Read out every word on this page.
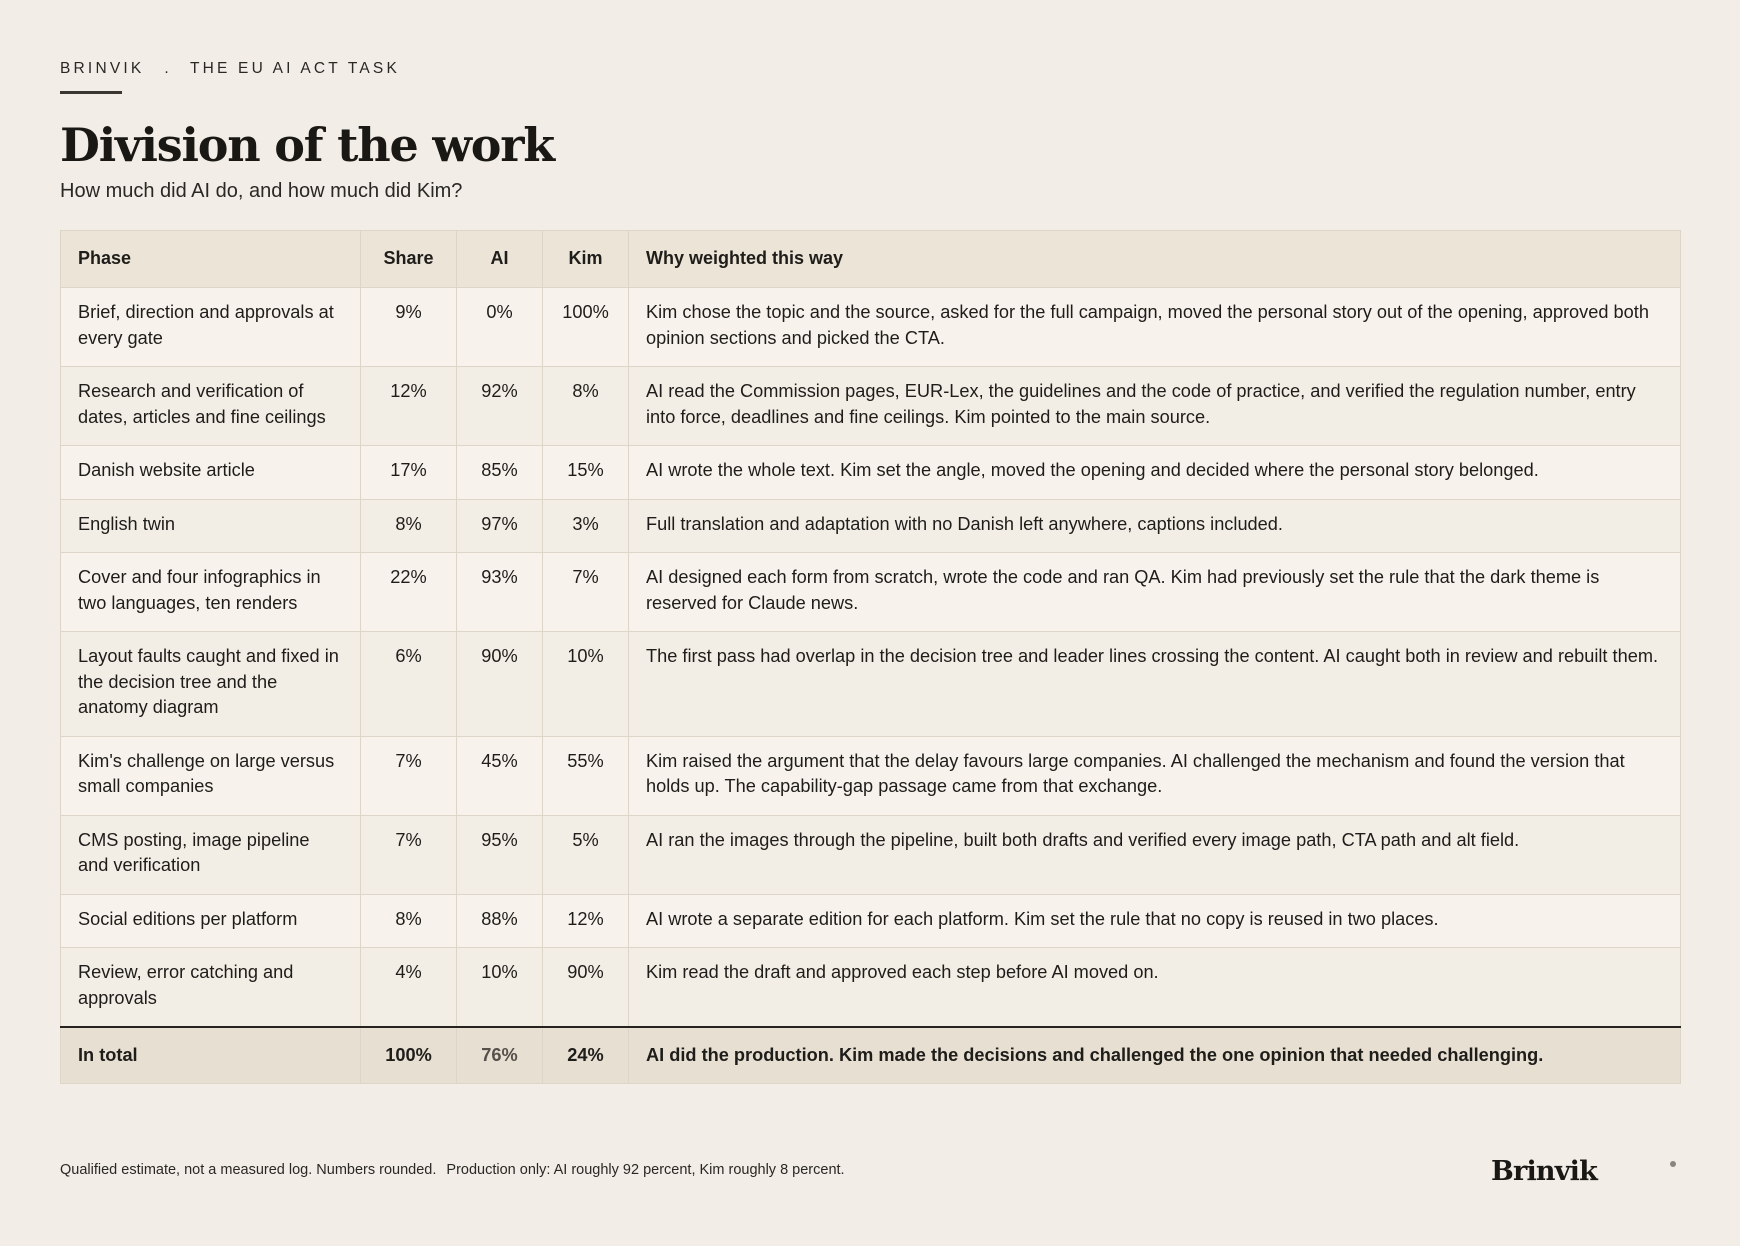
BRINVIK . THE EU AI ACT TASK
Division of the work
How much did AI do, and how much did Kim?
Phase	Share	AI	Kim	Why weighted this way
Brief, direction and approvals at every gate	9%	0%	100%	Kim chose the topic and the source, asked for the full campaign, moved the personal story out of the opening, approved both opinion sections and picked the CTA.
Research and verification of dates, articles and fine ceilings	12%	92%	8%	AI read the Commission pages, EUR-Lex, the guidelines and the code of practice, and verified the regulation number, entry into force, deadlines and fine ceilings. Kim pointed to the main source.
Danish website article	17%	85%	15%	AI wrote the whole text. Kim set the angle, moved the opening and decided where the personal story belonged.
English twin	8%	97%	3%	Full translation and adaptation with no Danish left anywhere, captions included.
Cover and four infographics in two languages, ten renders	22%	93%	7%	AI designed each form from scratch, wrote the code and ran QA. Kim had previously set the rule that the dark theme is reserved for Claude news.
Layout faults caught and fixed in the decision tree and the anatomy diagram	6%	90%	10%	The first pass had overlap in the decision tree and leader lines crossing the content. AI caught both in review and rebuilt them.
Kim's challenge on large versus small companies	7%	45%	55%	Kim raised the argument that the delay favours large companies. AI challenged the mechanism and found the version that holds up. The capability-gap passage came from that exchange.
CMS posting, image pipeline and verification	7%	95%	5%	AI ran the images through the pipeline, built both drafts and verified every image path, CTA path and alt field.
Social editions per platform	8%	88%	12%	AI wrote a separate edition for each platform. Kim set the rule that no copy is reused in two places.
Review, error catching and approvals	4%	10%	90%	Kim read the draft and approved each step before AI moved on.
In total	100%	76%	24%	AI did the production. Kim made the decisions and challenged the one opinion that needed challenging.
Qualified estimate, not a measured log. Numbers rounded. Production only: AI roughly 92 percent, Kim roughly 8 percent.	Brinvik
